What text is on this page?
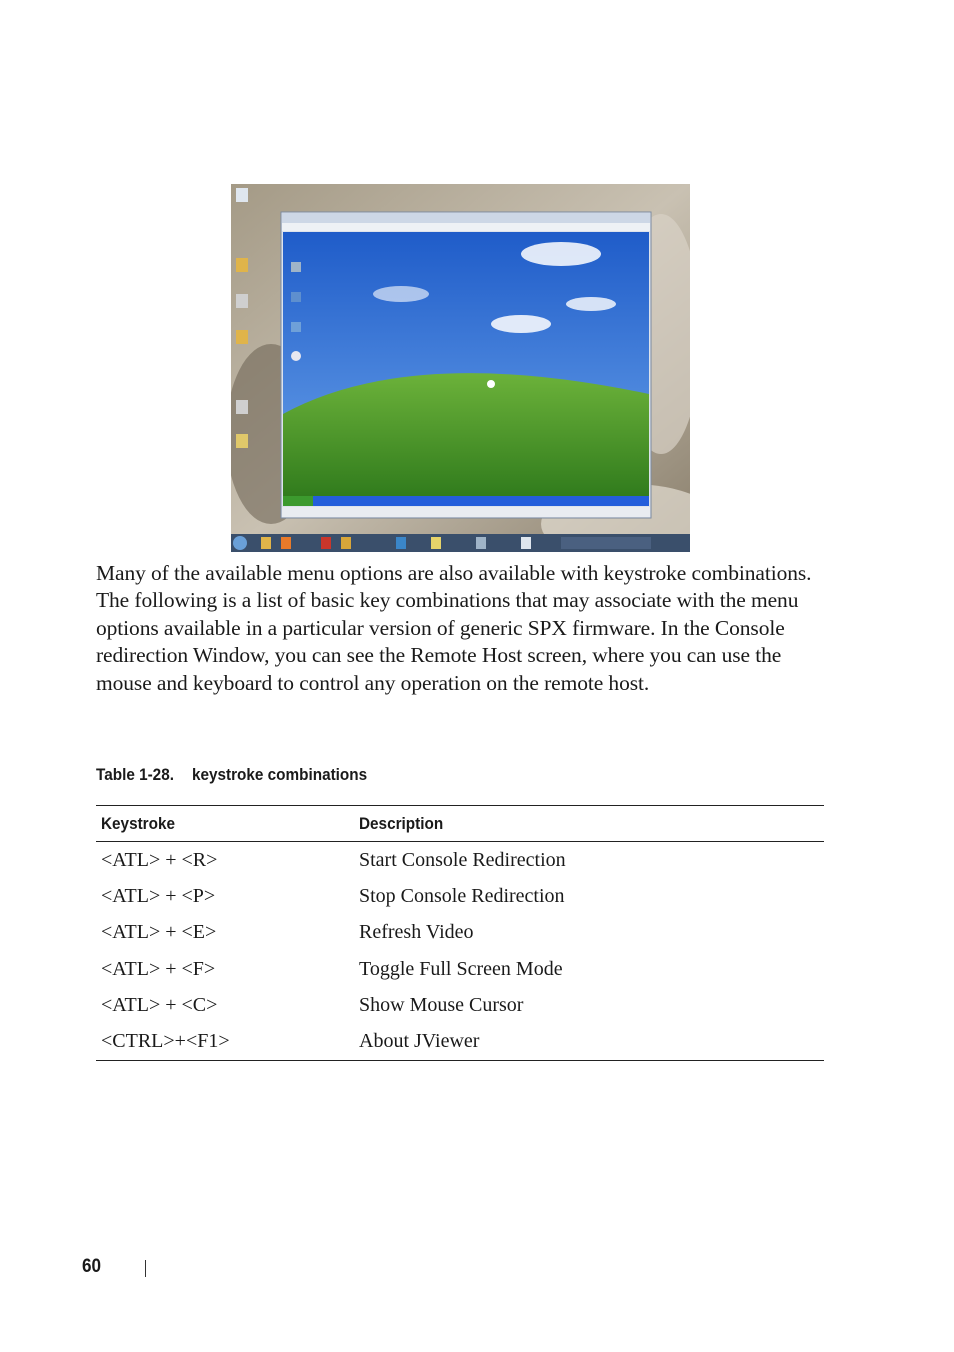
Many of the available menu options are also available with keystroke combinations. The following is a list of basic key combinations that may associate with the menu options available in a particular version of generic SPX firmware. In the Console redirection Window, you can see the Remote Host screen, where you can use the mouse and keyboard to control any operation on the remote host.

Table 1-28. keystroke combinations
Keystroke	Description
<ATL> + <R>	Start Console Redirection
<ATL> + <P>	Stop Console Redirection
<ATL> + <E>	Refresh Video
<ATL> + <F>	Toggle Full Screen Mode
<ATL> + <C>	Show Mouse Cursor
<CTRL>+<F1>	About JViewer
60
